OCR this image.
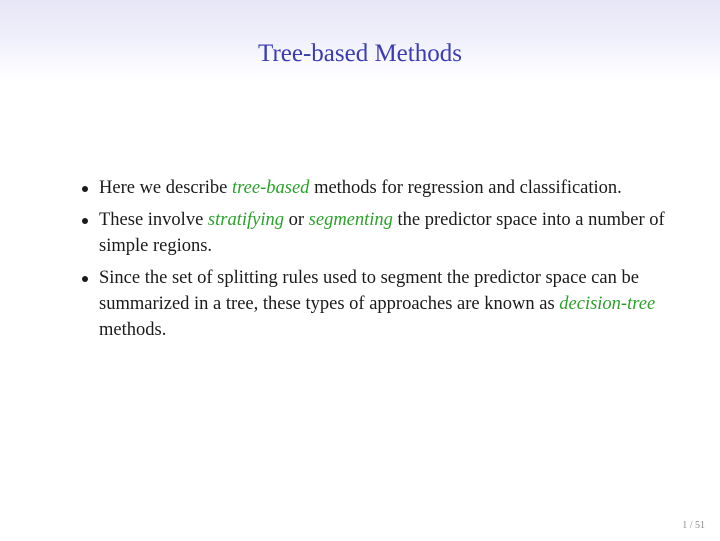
Tree-based Methods
Here we describe tree-based methods for regression and classification.
These involve stratifying or segmenting the predictor space into a number of simple regions.
Since the set of splitting rules used to segment the predictor space can be summarized in a tree, these types of approaches are known as decision-tree methods.
1 / 51
